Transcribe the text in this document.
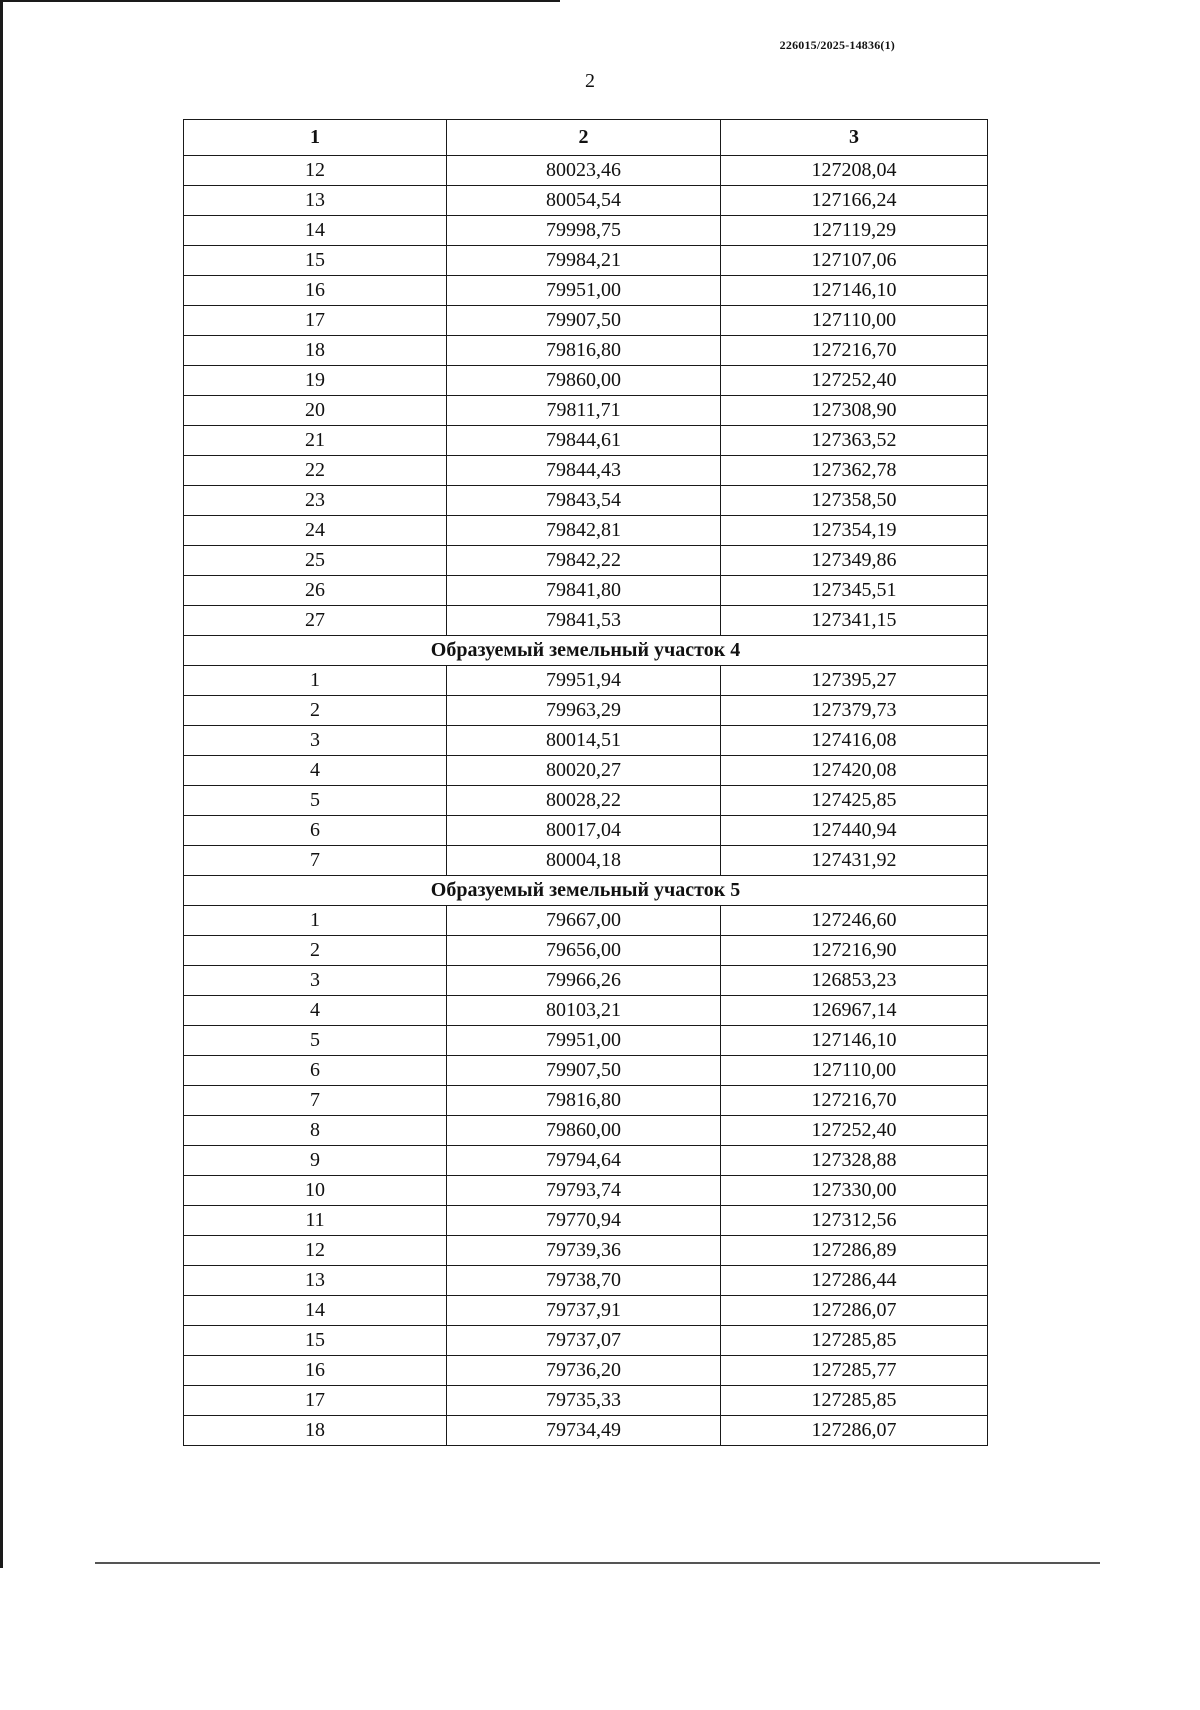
226015/2025-14836(1)
2
1	2	3
12	80023,46	127208,04
13	80054,54	127166,24
14	79998,75	127119,29
15	79984,21	127107,06
16	79951,00	127146,10
17	79907,50	127110,00
18	79816,80	127216,70
19	79860,00	127252,40
20	79811,71	127308,90
21	79844,61	127363,52
22	79844,43	127362,78
23	79843,54	127358,50
24	79842,81	127354,19
25	79842,22	127349,86
26	79841,80	127345,51
27	79841,53	127341,15
Образуемый земельный участок 4		
1	79951,94	127395,27
2	79963,29	127379,73
3	80014,51	127416,08
4	80020,27	127420,08
5	80028,22	127425,85
6	80017,04	127440,94
7	80004,18	127431,92
Образуемый земельный участок 5		
1	79667,00	127246,60
2	79656,00	127216,90
3	79966,26	126853,23
4	80103,21	126967,14
5	79951,00	127146,10
6	79907,50	127110,00
7	79816,80	127216,70
8	79860,00	127252,40
9	79794,64	127328,88
10	79793,74	127330,00
11	79770,94	127312,56
12	79739,36	127286,89
13	79738,70	127286,44
14	79737,91	127286,07
15	79737,07	127285,85
16	79736,20	127285,77
17	79735,33	127285,85
18	79734,49	127286,07
